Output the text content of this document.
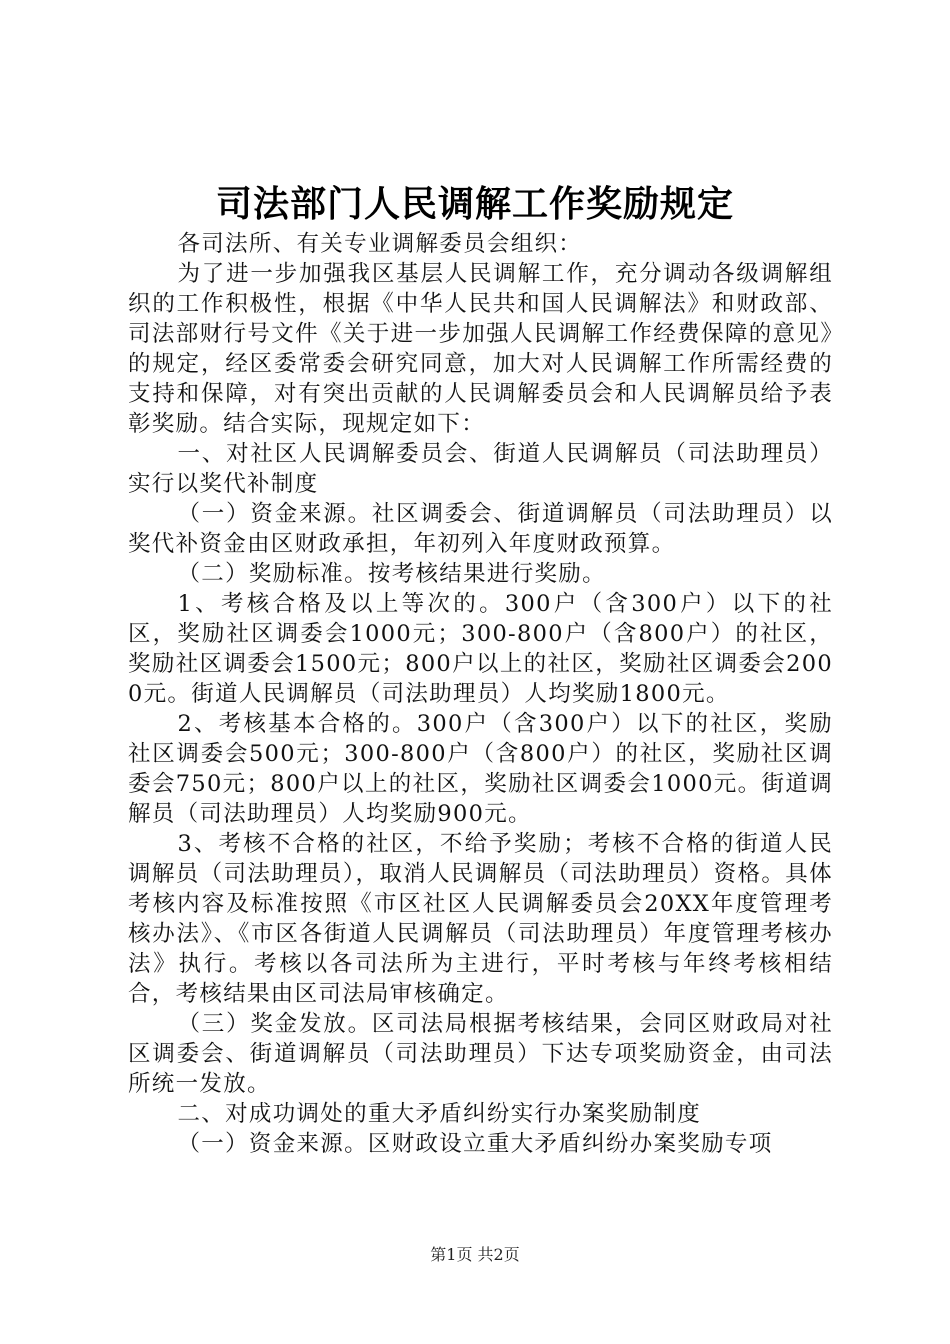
司法部门人民调解工作奖励规定

各司法所、有关专业调解委员会组织：

为了进一步加强我区基层人民调解工作，充分调动各级调解组织的工作积极性，根据《中华人民共和国人民调解法》和财政部、司法部财行号文件《关于进一步加强人民调解工作经费保障的意见》的规定，经区委常委会研究同意，加大对人民调解工作所需经费的支持和保障，对有突出贡献的人民调解委员会和人民调解员给予表彰奖励。结合实际，现规定如下：

一、对社区人民调解委员会、街道人民调解员（司法助理员）实行以奖代补制度

（一）资金来源。社区调委会、街道调解员（司法助理员）以奖代补资金由区财政承担，年初列入年度财政预算。

（二）奖励标准。按考核结果进行奖励。

1、考核合格及以上等次的。300户（含300户）以下的社区，奖励社区调委会1000元；300-800户（含800户）的社区，奖励社区调委会1500元；800户以上的社区，奖励社区调委会2000元。街道人民调解员（司法助理员）人均奖励1800元。

2、考核基本合格的。300户（含300户）以下的社区，奖励社区调委会500元；300-800户（含800户）的社区，奖励社区调委会750元；800户以上的社区，奖励社区调委会1000元。街道调解员（司法助理员）人均奖励900元。

3、考核不合格的社区，不给予奖励；考核不合格的街道人民调解员（司法助理员），取消人民调解员（司法助理员）资格。具体考核内容及标准按照《市区社区人民调解委员会20XX年度管理考核办法》、《市区各街道人民调解员（司法助理员）年度管理考核办法》执行。考核以各司法所为主进行，平时考核与年终考核相结合，考核结果由区司法局审核确定。

（三）奖金发放。区司法局根据考核结果，会同区财政局对社区调委会、街道调解员（司法助理员）下达专项奖励资金，由司法所统一发放。

二、对成功调处的重大矛盾纠纷实行办案奖励制度

（一）资金来源。区财政设立重大矛盾纠纷办案奖励专项

第1页 共2页
